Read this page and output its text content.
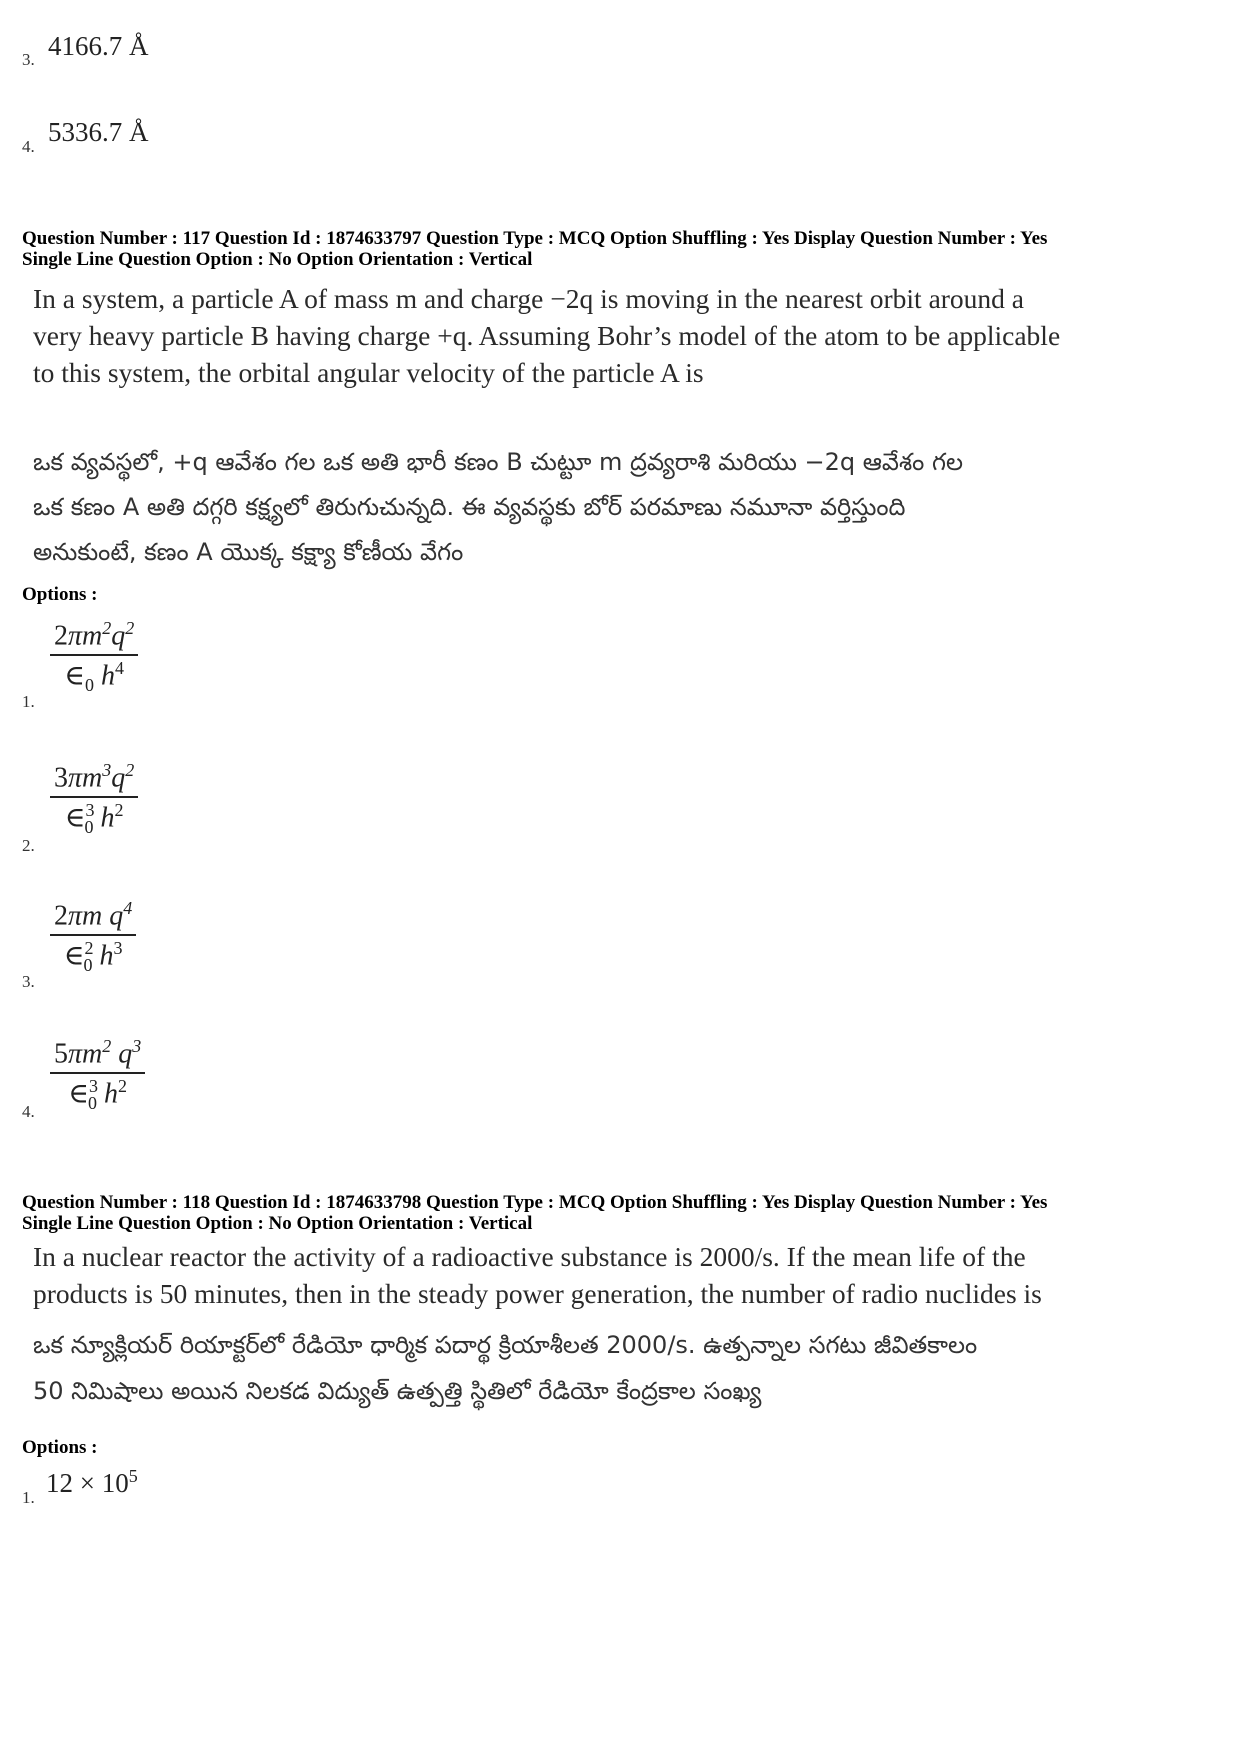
3. 4166.7 Å
4. 5336.7 Å
Question Number : 117 Question Id : 1874633797 Question Type : MCQ Option Shuffling : Yes Display Question Number : Yes
Single Line Question Option : No Option Orientation : Vertical
In a system, a particle A of mass m and charge −2q is moving in the nearest orbit around a
very heavy particle B having charge +q. Assuming Bohr’s model of the atom to be applicable
to this system, the orbital angular velocity of the particle A is
ఒక వ్యవస్థలో, +q ఆవేశం గల ఒక అతి భారీ కణం B చుట్టూ m ద్రవ్యరాశి మరియు −2q ఆవేశం గల
ఒక కణం A అతి దగ్గరి కక్ష్యలో తిరుగుచున్నది. ఈ వ్యవస్థకు బోర్ పరమాణు నమూనా వర్తిస్తుంది
అనుకుంటే, కణం A యొక్క కక్ష్యా కోణీయ వేగం
Options :
1.
$\frac{2\pi m^2q^2}{\in_0 h^4}$
2.
$\frac{3\pi m^3q^2}{\in^3_0 h^2}$
3.
$\frac{2\pi m q^4}{\in^2_0 h^3}$
4. $\frac{5\pi m^2 q^3}{\in^3_0 h^2}$
Question Number : 118 Question Id : 1874633798 Question Type : MCQ Option Shuffling : Yes Display Question Number : Yes
Single Line Question Option : No Option Orientation : Vertical
In a nuclear reactor the activity of a radioactive substance is 2000/s. If the mean life of the
products is 50 minutes, then in the steady power generation, the number of radio nuclides is
ఒక న్యూక్లియర్ రియాక్టర్‌లో రేడియో ధార్మిక పదార్థ క్రియాశీలత 2000/s. ఉత్పన్నాల సగటు జీవితకాలం
50 నిమిషాలు అయిన నిలకడ విద్యుత్ ఉత్పత్తి స్థితిలో రేడియో కేంద్రకాల సంఖ్య
Options :
1. $12 \times 10^5$
